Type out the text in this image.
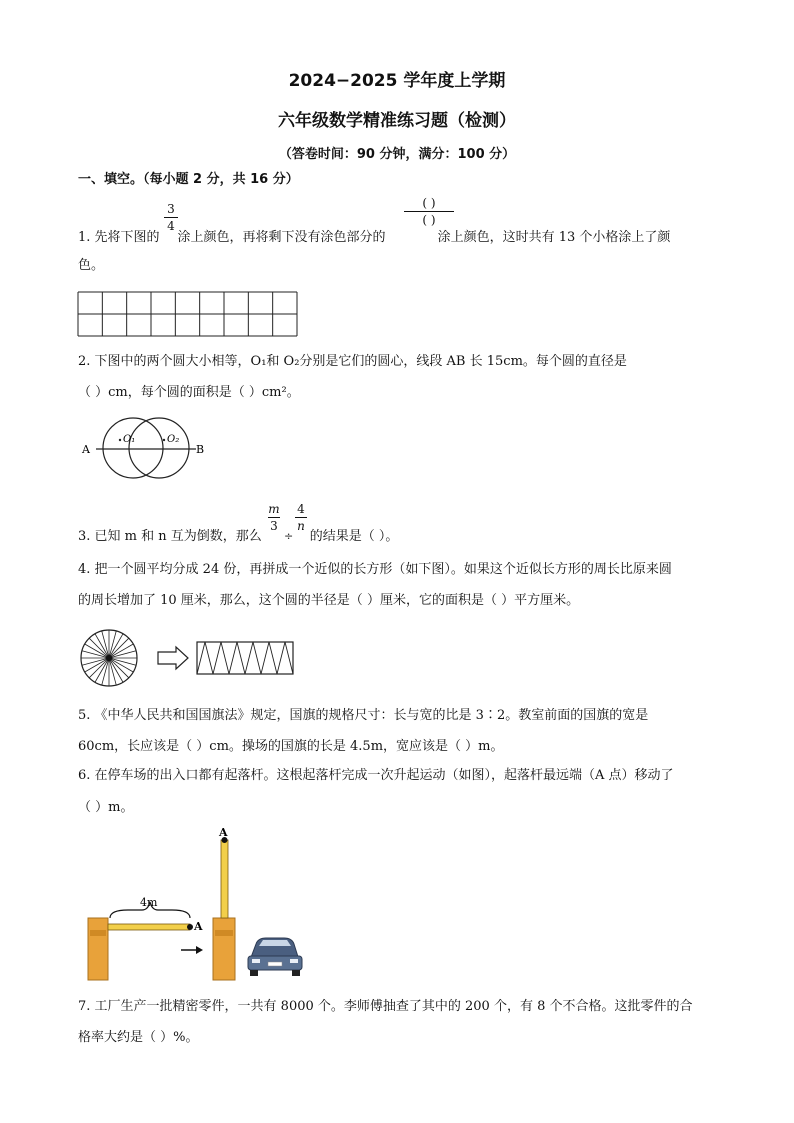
2024−2025 学年度上学期
六年级数学精准练习题（检测）
（答卷时间：90 分钟，满分：100 分）
一、填空。（每小题 2 分，共 16 分）
1. 先将下图的 涂上颜色，再将剩下没有涂色部分的	涂上颜色，这时共有 13 个小格涂上了颜
3
4
( )
( )
色。
2. 下图中的两个圆大小相等，O₁和 O₂分别是它们的圆心，线段 AB 长 15cm。每个圆的直径是
（ ）cm，每个圆的面积是（ ）cm²。
A	B
O₁	O₂
3. 已知 m 和 n 互为倒数，那么	的结果是（ ）。
m
3
÷
4
n
4. 把一个圆平均分成 24 份，再拼成一个近似的长方形（如下图）。如果这个近似长方形的周长比原来圆
的周长增加了 10 厘米，那么，这个圆的半径是（ ）厘米，它的面积是（ ）平方厘米。
5. 《中华人民共和国国旗法》规定，国旗的规格尺寸：长与宽的比是 3∶2。教室前面的国旗的宽是
60cm，长应该是（ ）cm。操场的国旗的长是 4.5m，宽应该是（ ）m。
6. 在停车场的出入口都有起落杆。这根起落杆完成一次升起运动（如图），起落杆最远端（A 点）移动了
（ ）m。
4m
A
A
7. 工厂生产一批精密零件，一共有 8000 个。李师傅抽查了其中的 200 个，有 8 个不合格。这批零件的合
格率大约是（ ）%。
